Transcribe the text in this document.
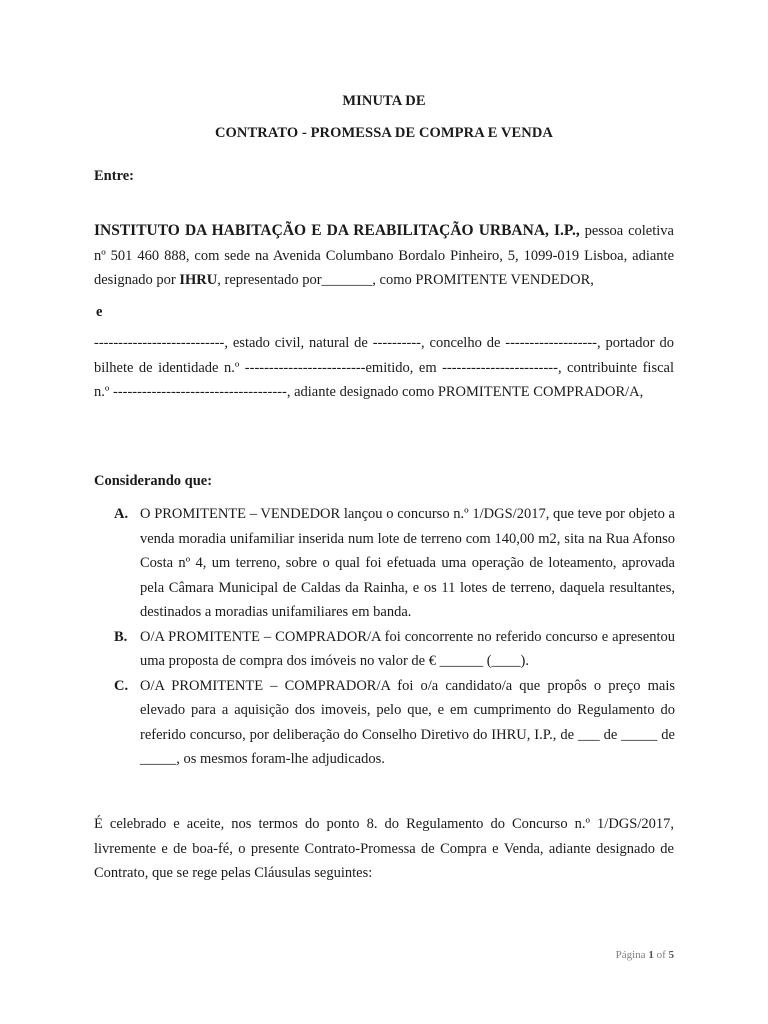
MINUTA DE
CONTRATO - PROMESSA DE COMPRA E VENDA
Entre:
INSTITUTO DA HABITAÇÃO E DA REABILITAÇÃO URBANA, I.P., pessoa coletiva nº 501 460 888, com sede na Avenida Columbano Bordalo Pinheiro, 5, 1099-019 Lisboa, adiante designado por IHRU, representado por_______, como PROMITENTE VENDEDOR,
e
---------------------------, estado civil, natural de ----------, concelho de -------------------, portador do bilhete de identidade n.º -------------------------emitido, em ------------------------, contribuinte fiscal n.º ------------------------------------, adiante designado como PROMITENTE COMPRADOR/A,
Considerando que:
A. O PROMITENTE – VENDEDOR lançou o concurso n.º 1/DGS/2017, que teve por objeto a venda moradia unifamiliar inserida num lote de terreno com 140,00 m2, sita na Rua Afonso Costa nº 4, um terreno, sobre o qual foi efetuada uma operação de loteamento, aprovada pela Câmara Municipal de Caldas da Rainha, e os 11 lotes de terreno, daquela resultantes, destinados a moradias unifamiliares em banda.
B. O/A PROMITENTE – COMPRADOR/A foi concorrente no referido concurso e apresentou uma proposta de compra dos imóveis no valor de € ______ (____).
C. O/A PROMITENTE – COMPRADOR/A foi o/a candidato/a que propôs o preço mais elevado para a aquisição dos imoveis, pelo que, e em cumprimento do Regulamento do referido concurso, por deliberação do Conselho Diretivo do IHRU, I.P., de ___ de _____ de _____, os mesmos foram-lhe adjudicados.
É celebrado e aceite, nos termos do ponto 8. do Regulamento do Concurso n.º 1/DGS/2017, livremente e de boa-fé, o presente Contrato-Promessa de Compra e Venda, adiante designado de Contrato, que se rege pelas Cláusulas seguintes:
Página 1 of 5
